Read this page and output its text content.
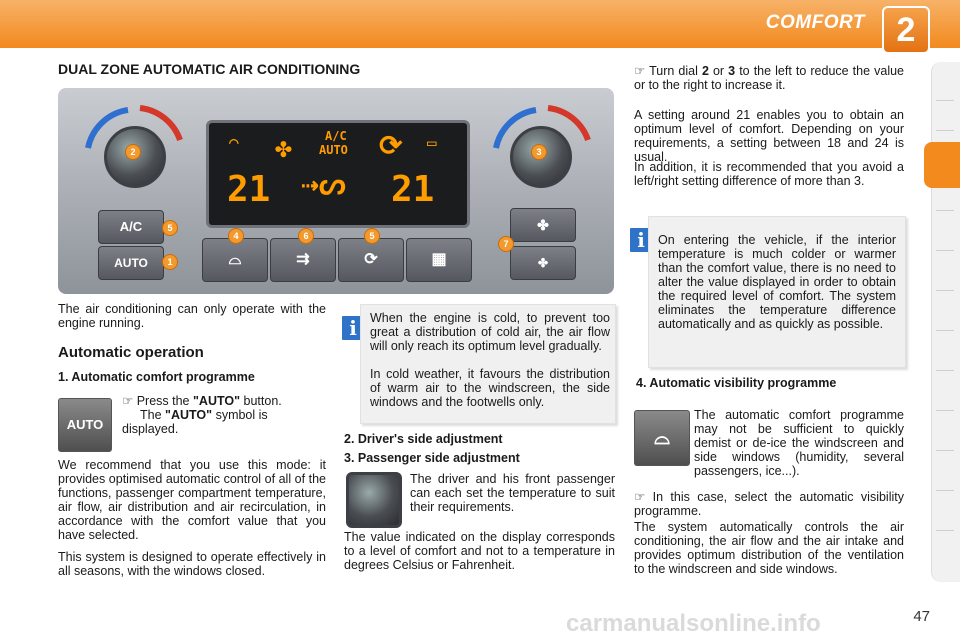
COMFORT 2
DUAL ZONE AUTOMATIC AIR CONDITIONING
21	21
A/C
AUTO
✤	⟳
◠	▭
⇢ᔕ
A/C
AUTO	⌓	⇉	⟳	▦
✤
✤
2	3
5
1
4	6	5
7

The air conditioning can only operate with the engine running.

Automatic operation
1. Automatic comfort programme
AUTO
☞ Press the "AUTO" button.
The "AUTO" symbol is displayed.

We recommend that you use this mode: it provides optimised automatic control of all of the functions, passenger compartment temperature, air flow, air distribution and air recirculation, in accordance with the comfort value that you have selected.

This system is designed to operate effectively in all seasons, with the windows closed.

i	When the engine is cold, to prevent too great a distribution of cold air, the air flow will only reach its optimum level gradually.

In cold weather, it favours the distribution of warm air to the windscreen, the side windows and the footwells only.

2. Driver's side adjustment
3. Passenger side adjustment

The driver and his front passenger can each set the temperature to suit their requirements.

The value indicated on the display corresponds to a level of comfort and not to a temperature in degrees Celsius or Fahrenheit.

☞ Turn dial 2 or 3 to the left to reduce the value or to the right to increase it.

A setting around 21 enables you to obtain an optimum level of comfort. Depending on your requirements, a setting between 18 and 24 is usual.

In addition, it is recommended that you avoid a left/right setting difference of more than 3.

i	On entering the vehicle, if the interior temperature is much colder or warmer than the comfort value, there is no need to alter the value displayed in order to obtain the required level of comfort. The system eliminates the temperature difference automatically and as quickly as possible.

4. Automatic visibility programme
⌓

The automatic comfort programme may not be sufficient to quickly demist or de-ice the windscreen and side windows (humidity, several passengers, ice...).

☞ In this case, select the automatic visibility programme.

The system automatically controls the air conditioning, the air flow and the air intake and provides optimum distribution of the ventilation to the windscreen and side windows.

47
carmanualsonline.info
